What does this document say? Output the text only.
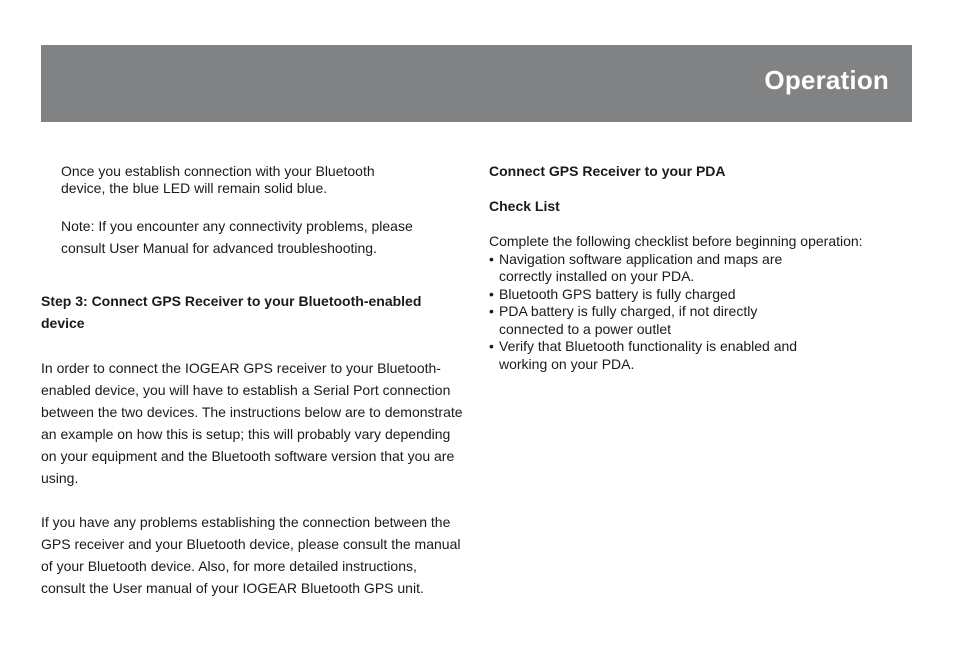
Operation

Once you establish connection with your Bluetooth

device, the blue LED will remain solid blue.

Note: If you encounter any connectivity problems, please

consult User Manual for advanced troubleshooting.

Step 3: Connect GPS Receiver to your Bluetooth-enabled

device

In order to connect the IOGEAR GPS receiver to your Bluetooth-

enabled device, you will have to establish a Serial Port connection

between the two devices. The instructions below are to demonstrate

an example on how this is setup; this will probably vary depending

on your equipment and the Bluetooth software version that you are

using.

If you have any problems establishing the connection between the

GPS receiver and your Bluetooth device, please consult the manual

of your Bluetooth device. Also, for more detailed instructions,

consult the User manual of your IOGEAR Bluetooth GPS unit.

Connect GPS Receiver to your PDA

Check List

Complete the following checklist before beginning operation:

• Navigation software application and maps are
correctly installed on your PDA.
• Bluetooth GPS battery is fully charged
• PDA battery is fully charged, if not directly
connected to a power outlet
• Verify that Bluetooth functionality is enabled and
working on your PDA.
